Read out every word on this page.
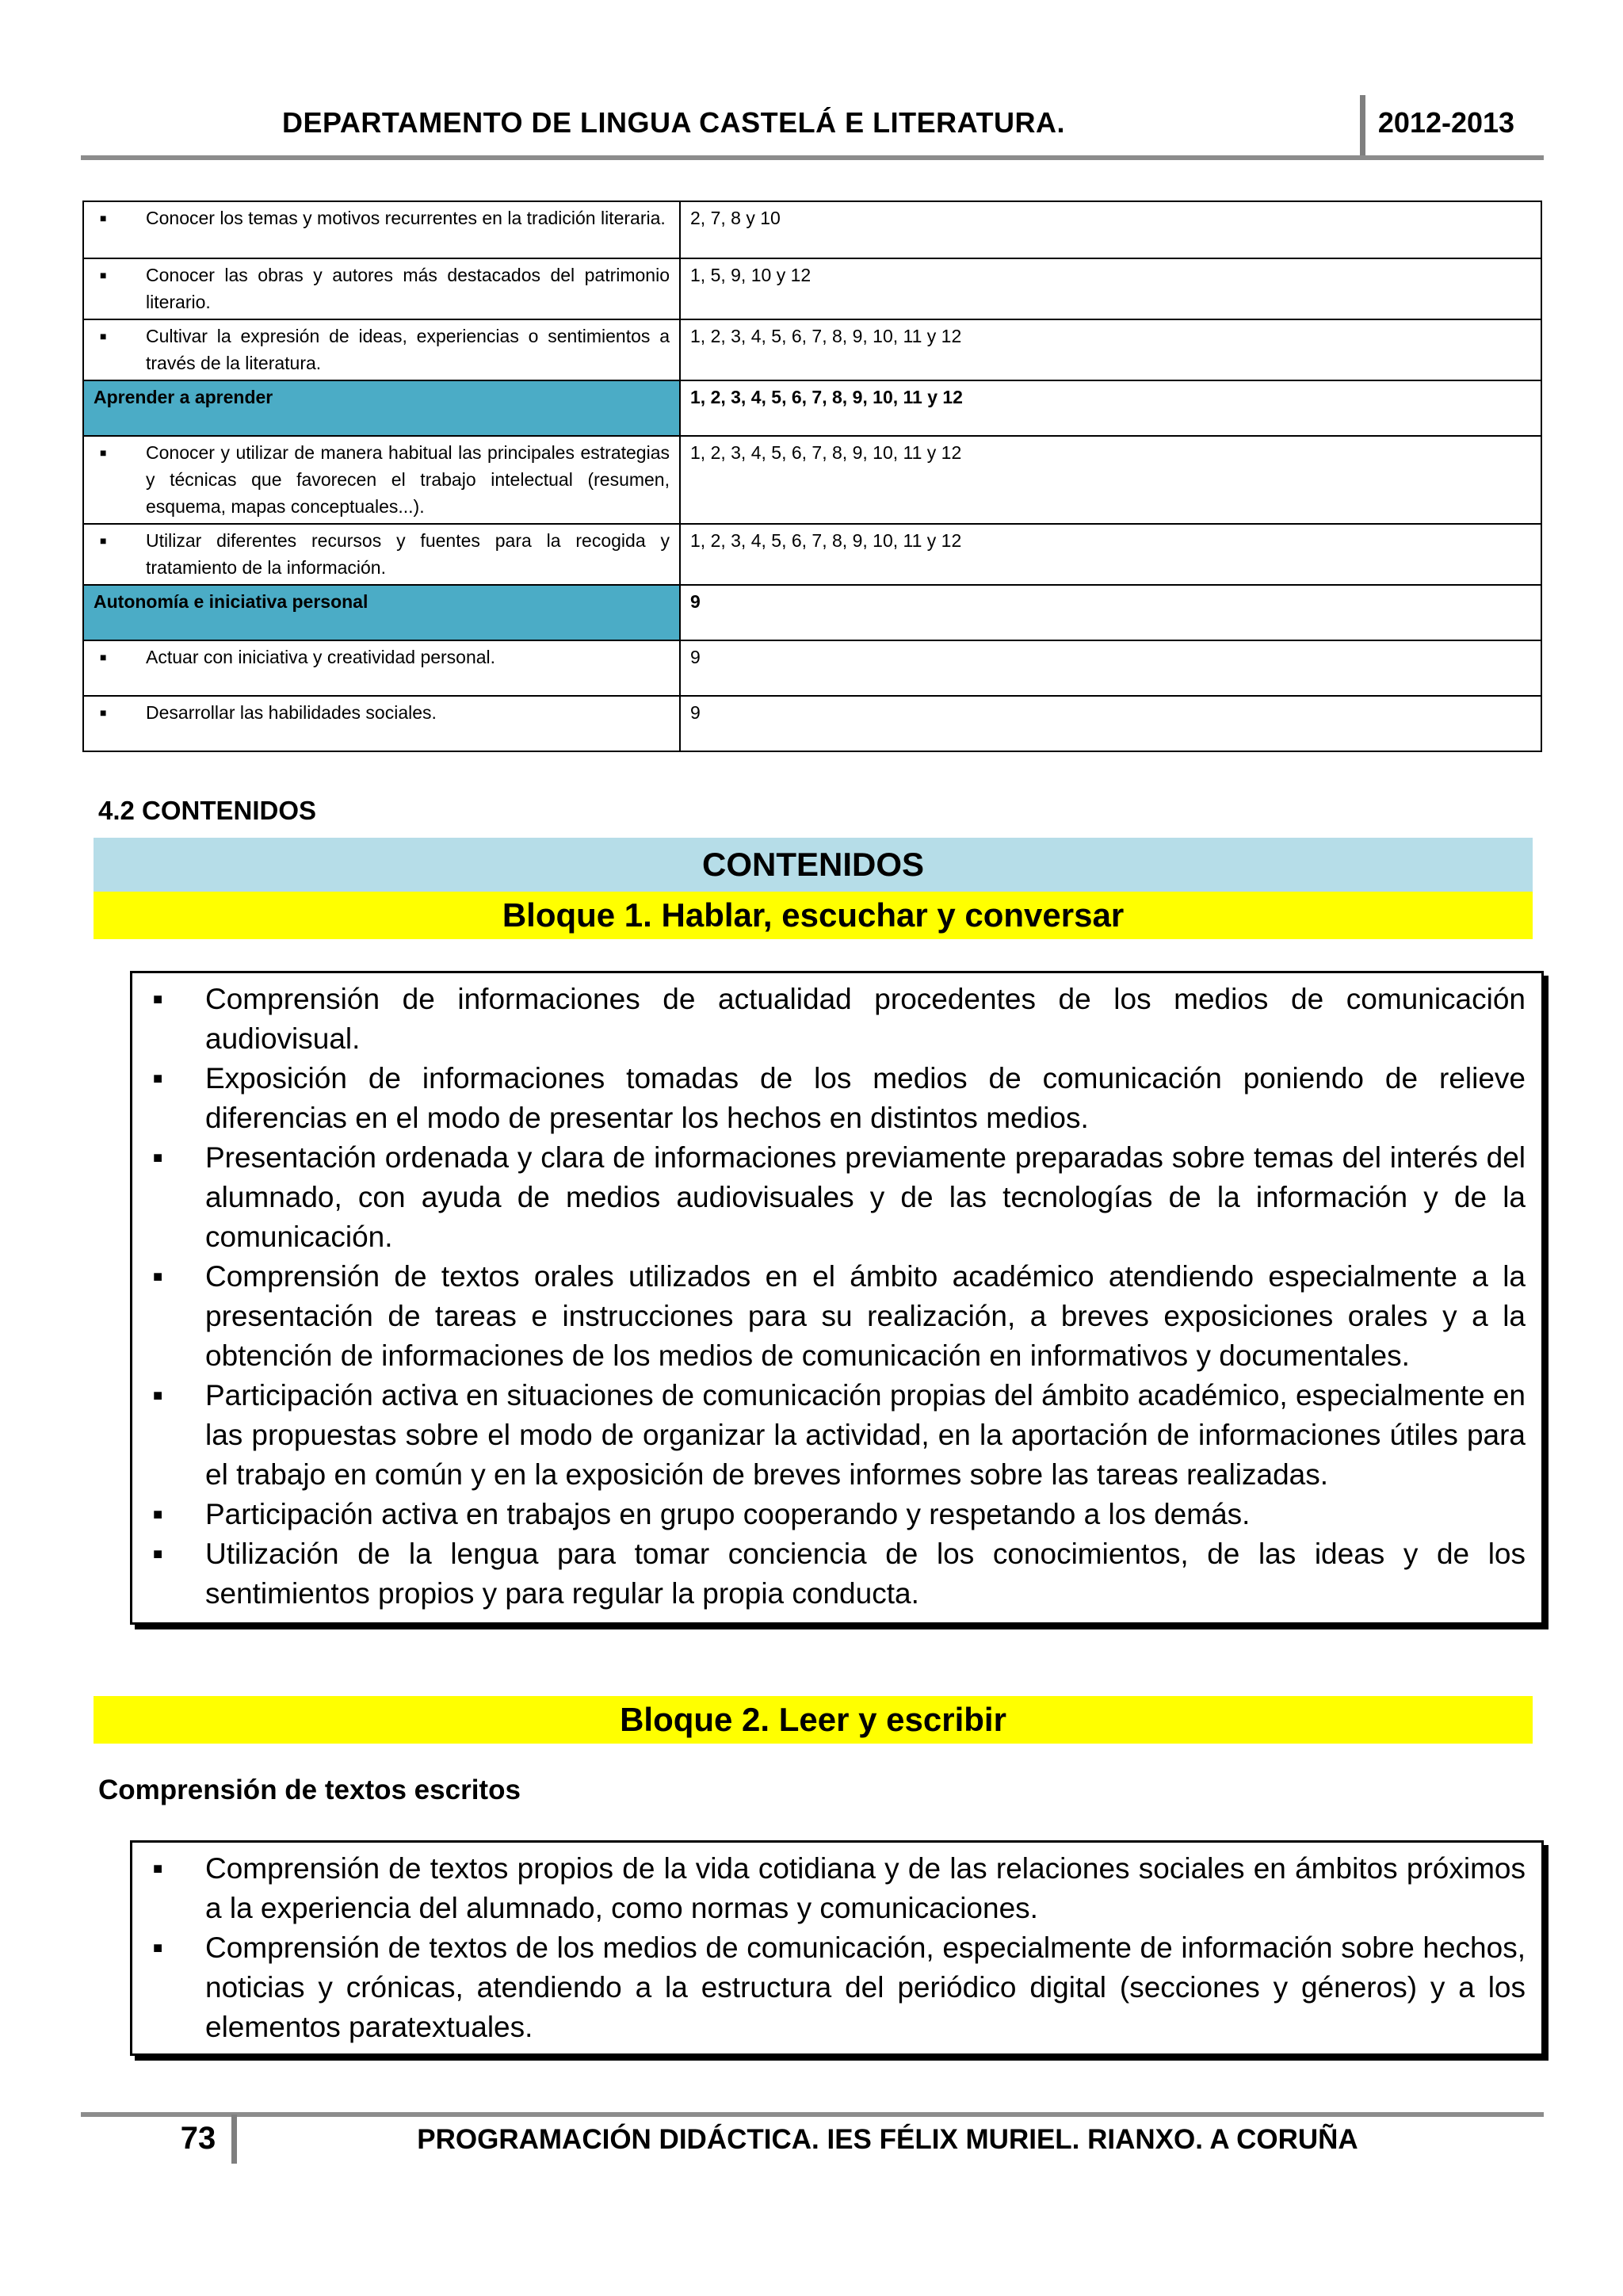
DEPARTAMENTO DE LINGUA CASTELÁ E LITERATURA.	2012-2013
■ Conocer los temas y motivos recurrentes en la tradición literaria.	2, 7, 8 y 10

■ Conocer las obras y autores más destacados del patrimonio literario.	1, 5, 9, 10 y 12

■ Cultivar la expresión de ideas, experiencias o sentimientos a través de la literatura.	1, 2, 3, 4, 5, 6, 7, 8, 9, 10, 11 y 12
Aprender a aprender	1, 2, 3, 4, 5, 6, 7, 8, 9, 10, 11 y 12

■ Conocer y utilizar de manera habitual las principales estrategias y técnicas que favorecen el trabajo intelectual (resumen, esquema, mapas conceptuales...).	1, 2, 3, 4, 5, 6, 7, 8, 9, 10, 11 y 12

■ Utilizar diferentes recursos y fuentes para la recogida y tratamiento de la información.	1, 2, 3, 4, 5, 6, 7, 8, 9, 10, 11 y 12
Autonomía e iniciativa personal	9

■ Actuar con iniciativa y creatividad personal.	9

■ Desarrollar las habilidades sociales.	9
4.2 CONTENIDOS
CONTENIDOS
Bloque 1. Hablar, escuchar y conversar
■	Comprensión de informaciones de actualidad procedentes de los medios de comunicación audiovisual.
■	Exposición de informaciones tomadas de los medios de comunicación poniendo de relieve diferencias en el modo de presentar los hechos en distintos medios.
■	Presentación ordenada y clara de informaciones previamente preparadas sobre temas del interés del alumnado, con ayuda de medios audiovisuales y de las tecnologías de la información y de la comunicación.
■	Comprensión de textos orales utilizados en el ámbito académico atendiendo especialmente a la presentación de tareas e instrucciones para su realización, a breves exposiciones orales y a la obtención de informaciones de los medios de comunicación en informativos y documentales.
■	Participación activa en situaciones de comunicación propias del ámbito académico, especialmente en las propuestas sobre el modo de organizar la actividad, en la aportación de informaciones útiles para el trabajo en común y en la exposición de breves informes sobre las tareas realizadas.
■	Participación activa en trabajos en grupo cooperando y respetando a los demás.
■	Utilización de la lengua para tomar conciencia de los conocimientos, de las ideas y de los sentimientos propios y para regular la propia conducta.
Bloque 2. Leer y escribir
Comprensión de textos escritos
■	Comprensión de textos propios de la vida cotidiana y de las relaciones sociales en ámbitos próximos a la experiencia del alumnado, como normas y comunicaciones.
■	Comprensión de textos de los medios de comunicación, especialmente de información sobre hechos, noticias y crónicas, atendiendo a la estructura del periódico digital (secciones y géneros) y a los elementos paratextuales.
73	PROGRAMACIÓN DIDÁCTICA. IES FÉLIX MURIEL. RIANXO. A CORUÑA
